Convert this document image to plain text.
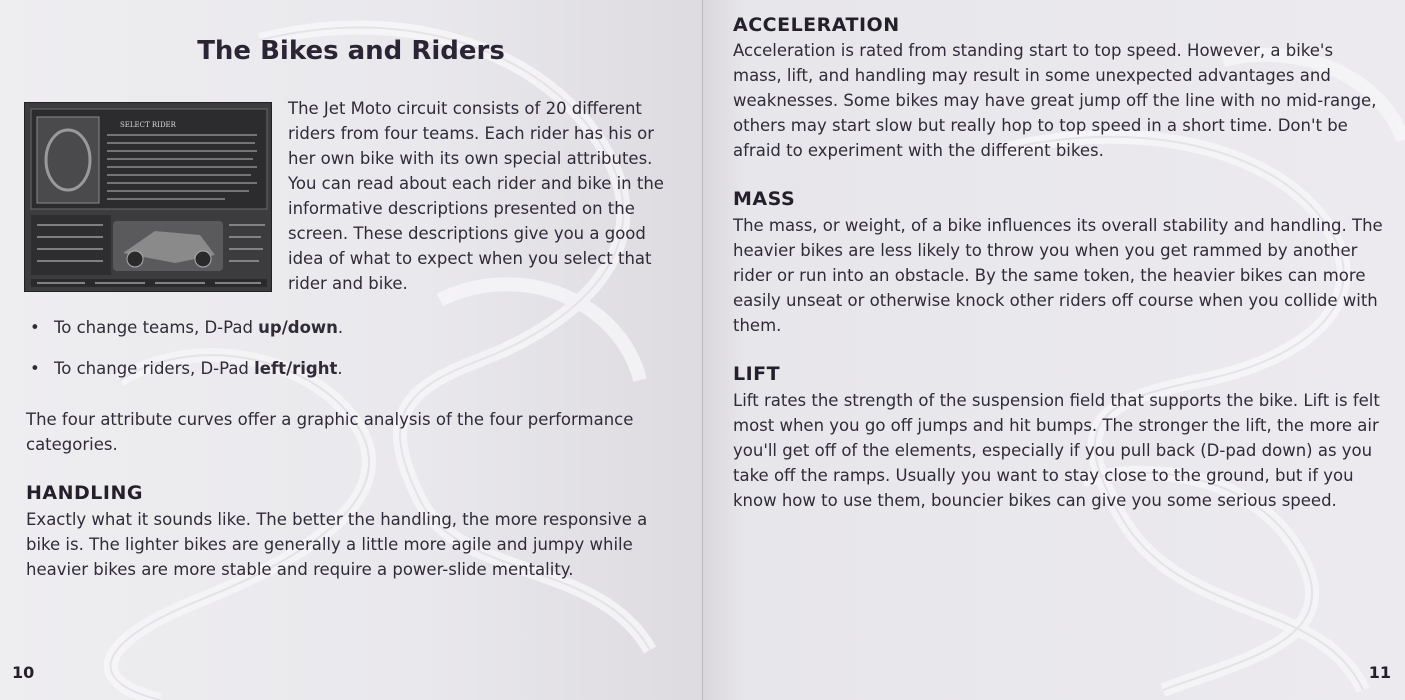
The Bikes and Riders
SELECT RIDER
The Jet Moto circuit consists of 20 different riders from four teams. Each rider has his or her own bike with its own special attributes. You can read about each rider and bike in the informative descriptions presented on the screen. These descriptions give you a good idea of what to expect when you select that rider and bike.
• To change teams, D-Pad up/down.
• To change riders, D-Pad left/right.
The four attribute curves offer a graphic analysis of the four performance categories.
HANDLING
Exactly what it sounds like. The better the handling, the more responsive a bike is. The lighter bikes are generally a little more agile and jumpy while heavier bikes are more stable and require a power-slide mentality.
10
ACCELERATION
Acceleration is rated from standing start to top speed. However, a bike's mass, lift, and handling may result in some unexpected advantages and weaknesses. Some bikes may have great jump off the line with no mid-range, others may start slow but really hop to top speed in a short time. Don't be afraid to experiment with the different bikes.
MASS
The mass, or weight, of a bike influences its overall stability and handling. The heavier bikes are less likely to throw you when you get rammed by another rider or run into an obstacle. By the same token, the heavier bikes can more easily unseat or otherwise knock other riders off course when you collide with them.
LIFT
Lift rates the strength of the suspension field that supports the bike. Lift is felt most when you go off jumps and hit bumps. The stronger the lift, the more air you'll get off of the elements, especially if you pull back (D-pad down) as you take off the ramps. Usually you want to stay close to the ground, but if you know how to use them, bouncier bikes can give you some serious speed.
11
